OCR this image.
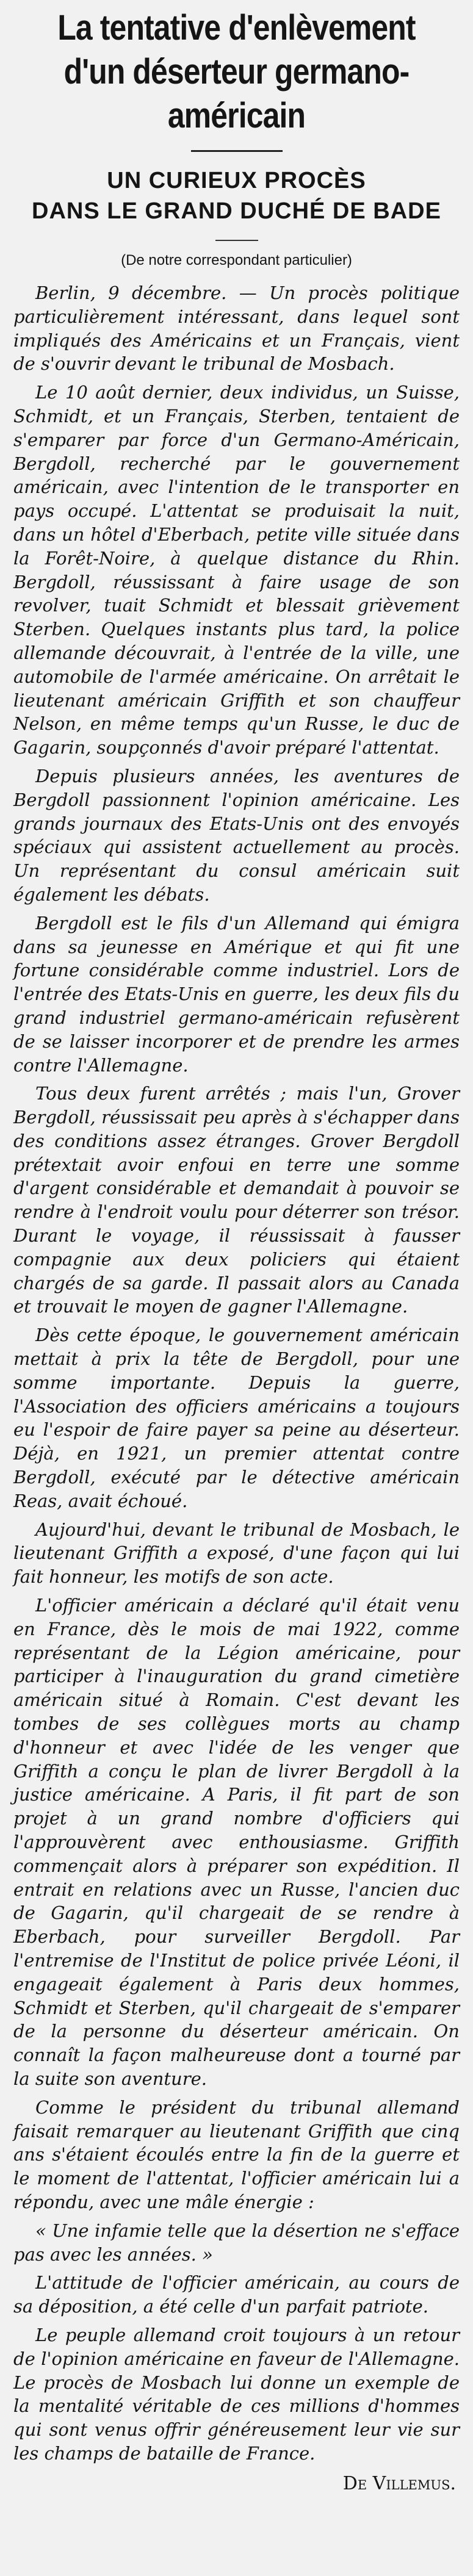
La tentative d'enlèvement
d'un déserteur germano-américain
UN CURIEUX PROCÈS
DANS LE GRAND DUCHÉ DE BADE
(De notre correspondant particulier)

Berlin, 9 décembre. — Un procès politique particulièrement intéressant, dans lequel sont impliqués des Américains et un Français, vient de s'ouvrir devant le tribunal de Mosbach.

Le 10 août dernier, deux individus, un Suisse, Schmidt, et un Français, Sterben, tentaient de s'emparer par force d'un Germano-Américain, Bergdoll, recherché par le gouvernement américain, avec l'intention de le transporter en pays occupé. L'attentat se produisait la nuit, dans un hôtel d'Eberbach, petite ville située dans la Forêt-Noire, à quelque distance du Rhin. Bergdoll, réussissant à faire usage de son revolver, tuait Schmidt et blessait grièvement Sterben. Quelques instants plus tard, la police allemande découvrait, à l'entrée de la ville, une automobile de l'armée américaine. On arrêtait le lieutenant américain Griffith et son chauffeur Nelson, en même temps qu'un Russe, le duc de Gagarin, soupçonnés d'avoir préparé l'attentat.

Depuis plusieurs années, les aventures de Bergdoll passionnent l'opinion américaine. Les grands journaux des Etats-Unis ont des envoyés spéciaux qui assistent actuellement au procès. Un représentant du consul américain suit également les débats.

Bergdoll est le fils d'un Allemand qui émigra dans sa jeunesse en Amérique et qui fit une fortune considérable comme industriel. Lors de l'entrée des Etats-Unis en guerre, les deux fils du grand industriel germano-américain refusèrent de se laisser incorporer et de prendre les armes contre l'Allemagne.

Tous deux furent arrêtés ; mais l'un, Grover Bergdoll, réussissait peu après à s'échapper dans des conditions assez étranges. Grover Bergdoll prétextait avoir enfoui en terre une somme d'argent considérable et demandait à pouvoir se rendre à l'endroit voulu pour déterrer son trésor. Durant le voyage, il réussissait à fausser compagnie aux deux policiers qui étaient chargés de sa garde. Il passait alors au Canada et trouvait le moyen de gagner l'Allemagne.

Dès cette époque, le gouvernement américain mettait à prix la tête de Bergdoll, pour une somme importante. Depuis la guerre, l'Association des officiers américains a toujours eu l'espoir de faire payer sa peine au déserteur. Déjà, en 1921, un premier attentat contre Bergdoll, exécuté par le détective américain Reas, avait échoué.

Aujourd'hui, devant le tribunal de Mosbach, le lieutenant Griffith a exposé, d'une façon qui lui fait honneur, les motifs de son acte.

L'officier américain a déclaré qu'il était venu en France, dès le mois de mai 1922, comme représentant de la Légion américaine, pour participer à l'inauguration du grand cimetière américain situé à Romain. C'est devant les tombes de ses collègues morts au champ d'honneur et avec l'idée de les venger que Griffith a conçu le plan de livrer Bergdoll à la justice américaine. A Paris, il fit part de son projet à un grand nombre d'officiers qui l'approuvèrent avec enthousiasme. Griffith commençait alors à préparer son expédition. Il entrait en relations avec un Russe, l'ancien duc de Gagarin, qu'il chargeait de se rendre à Eberbach, pour surveiller Bergdoll. Par l'entremise de l'Institut de police privée Léoni, il engageait également à Paris deux hommes, Schmidt et Sterben, qu'il chargeait de s'emparer de la personne du déserteur américain. On connaît la façon malheureuse dont a tourné par la suite son aventure.

Comme le président du tribunal allemand faisait remarquer au lieutenant Griffith que cinq ans s'étaient écoulés entre la fin de la guerre et le moment de l'attentat, l'officier américain lui a répondu, avec une mâle énergie :

« Une infamie telle que la désertion ne s'efface pas avec les années. »

L'attitude de l'officier américain, au cours de sa déposition, a été celle d'un parfait patriote.

Le peuple allemand croit toujours à un retour de l'opinion américaine en faveur de l'Allemagne. Le procès de Mosbach lui donne un exemple de la mentalité véritable de ces millions d'hommes qui sont venus offrir généreusement leur vie sur les champs de bataille de France.

De Villemus.
